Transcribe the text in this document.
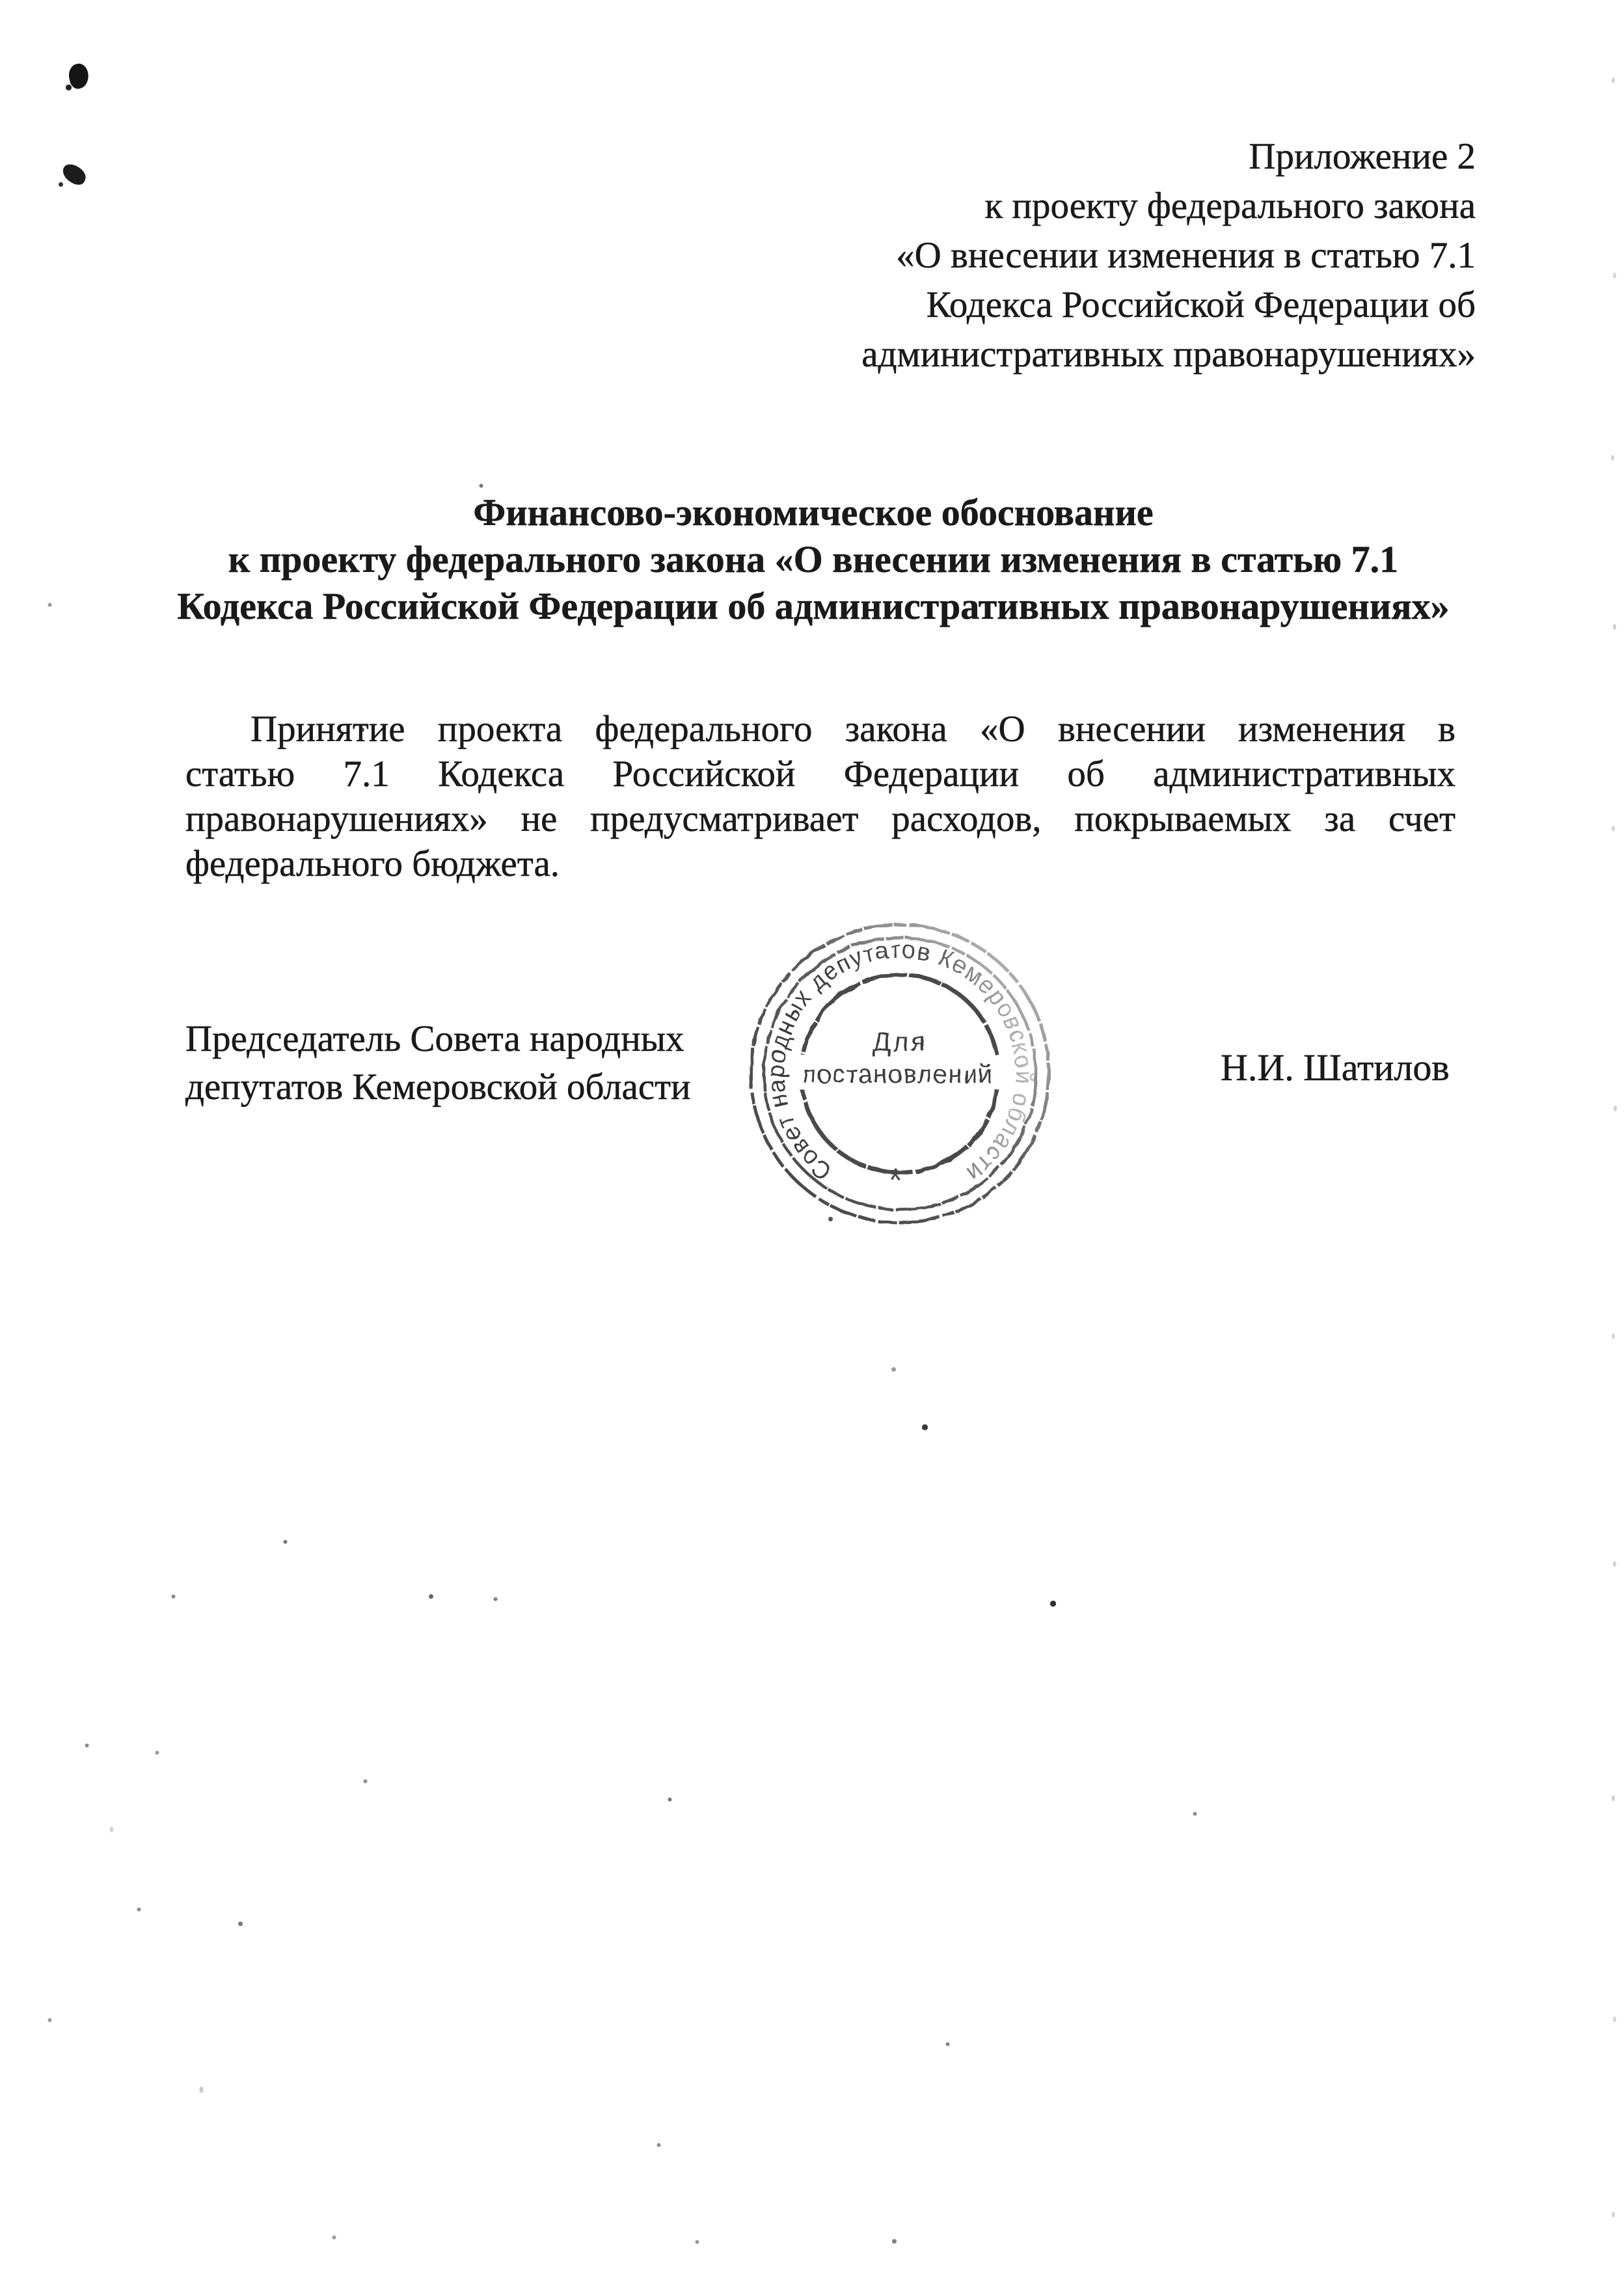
Приложение 2
к проекту федерального закона
«О внесении изменения в статью 7.1
Кодекса Российской Федерации об
административных правонарушениях»
Финансово-экономическое обоснование
к проекту федерального закона «О внесении изменения в статью 7.1
Кодекса Российской Федерации об административных правонарушениях»
Принятие проекта федерального закона «О внесении изменения в
статью 7.1 Кодекса Российской Федерации об административных
правонарушениях» не предусматривает расходов, покрываемых за счет
федерального бюджета.
Председатель Совета народных
депутатов Кемеровской области
Совет народных депутатов Кемеровской области
Для
постановлений
*
Н.И. Шатилов
